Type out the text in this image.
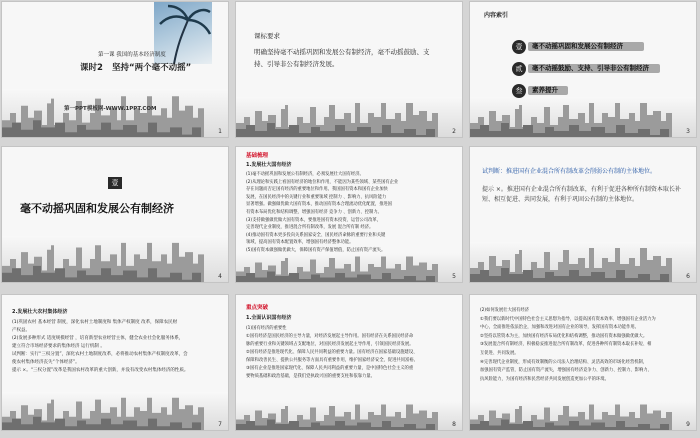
第一课 我国的基本经济制度
课时2 坚持“两个毫不动摇”
第一PPT模板网-WWW.1PPT.COM
1
课标要求
明确坚持毫不动摇巩固和发展公有制经济，毫不动摇鼓励、支持、引导非公有制经济发展。
2
内容索引
壹	毫不动摇巩固和发展公有制经济
贰	毫不动摇鼓励、支持、引导非公有制经济
叁	素养提升
3
壹
毫不动摇巩固和发展公有制经济
4
基础梳理
1.发展壮大国有经济
(1)毫不动摇巩固和发展公有制经济，必须发展壮大国有经济。
(2)从理论和实践上看国有经济的地位和作用，不能因为某些领域、某些国有企业
存在问题而否定国有经济的重要地位和作用。我国国有资本和国有企业加快
发展，在国民经济中的关键行业和重要领域 控制力 、影响力、抗风险能力
显著增强。做强做优做大国有资本，推动国有资本合理流动优化配置，推进国
有资本布局优化和结构调整，增强国有经济 竞争力 、创新力、控制力。
(3)支持做强做优做大国有资本，要推进国有资本投资、运营公司改革，
完善现代企业制度，推进混合所有制改革，发展 混合所有制 经济。
(4)推动国有资本更多投向关系国家安全、国民经济命脉的重要行业和关键
领域，提高国有资本配置效率，增强国有经济整体功能。
(5)国有资本做强做优做大，保障国有资产保值增值，防止国有资产流失。
5
试判断：推进国有企业混合所有制改革会削弱公有制的主体地位。
提示 ×。推进国有企业混合所有制改革，有利于促进各种所有制资本取长补短、相互促进、共同发展，有利于巩固公有制的主体地位。
6
2.发展壮大农村集体经济
(1)巩固农村 基本经营 制度，深化农村土地制度和 集体产权制度 改革，保障农民财
产权益。
(2)发展多种形式 适度规模经营 ，培育新型农业经营主体，健全农业社会化服务体系，
建立符合市场经济要求的集体经济 运行机制 。
试判断：实行“三权分置”，深化农村土地制度改革，必将推动农村集体产权制度改革，会
使农村集体经济丧失“个体经济”。
提示 ×。“三权分置”改革是我国农村改革的重大创新，并没有改变农村集体经济的性质。
7
重点突破
1.全面认识国有经济
(1)国有经济的重要性
①国有经济是国民经济的主导力量，对经济发展起主导作用。国有经济在关系国民经济命
脉的重要行业和关键领域占支配地位，对国民经济发展起主导作用，引领国民经济发展。
②国有经济是推进现代化、保障人民共同利益的重要力量。国有经济在国家基础设施建设、
保障和改善民生、提供公共服务等方面具有重要作用，维护国家经济安全，促进共同富裕。
③国有企业是推进国家现代化、保障人民共同利益的重要力量，是中国特色社会主义的重
要物质基础和政治基础，是我们党执政兴国的重要支柱和依靠力量。
8
(2)如何发展壮大国有经济
①我们要以新时代中国特色社会主义思想为指导，以提高国有资本效率、增强国有企业活力为
中心，全面推进依法治企，加强和改进对国有企业的领导，发挥国有资本功能作用。
②坚持以管资本为主，加快国有经济布局优化和结构调整，推动国有资本做强做优做大。
③发展混合所有制经济，积极稳妥推进混合所有制改革，促进各种所有制资本取长补短、相
互促进、共同发展。
④完善现代企业制度，形成有效制衡的公司法人治理结构、灵活高效的市场化经营机制，
加强国有资产监管，防止国有资产流失，增强国有经济竞争力、创新力、控制力、影响力、
抗风险能力，为国有经济和民营经济共同发展创造更加公平的环境。
9
